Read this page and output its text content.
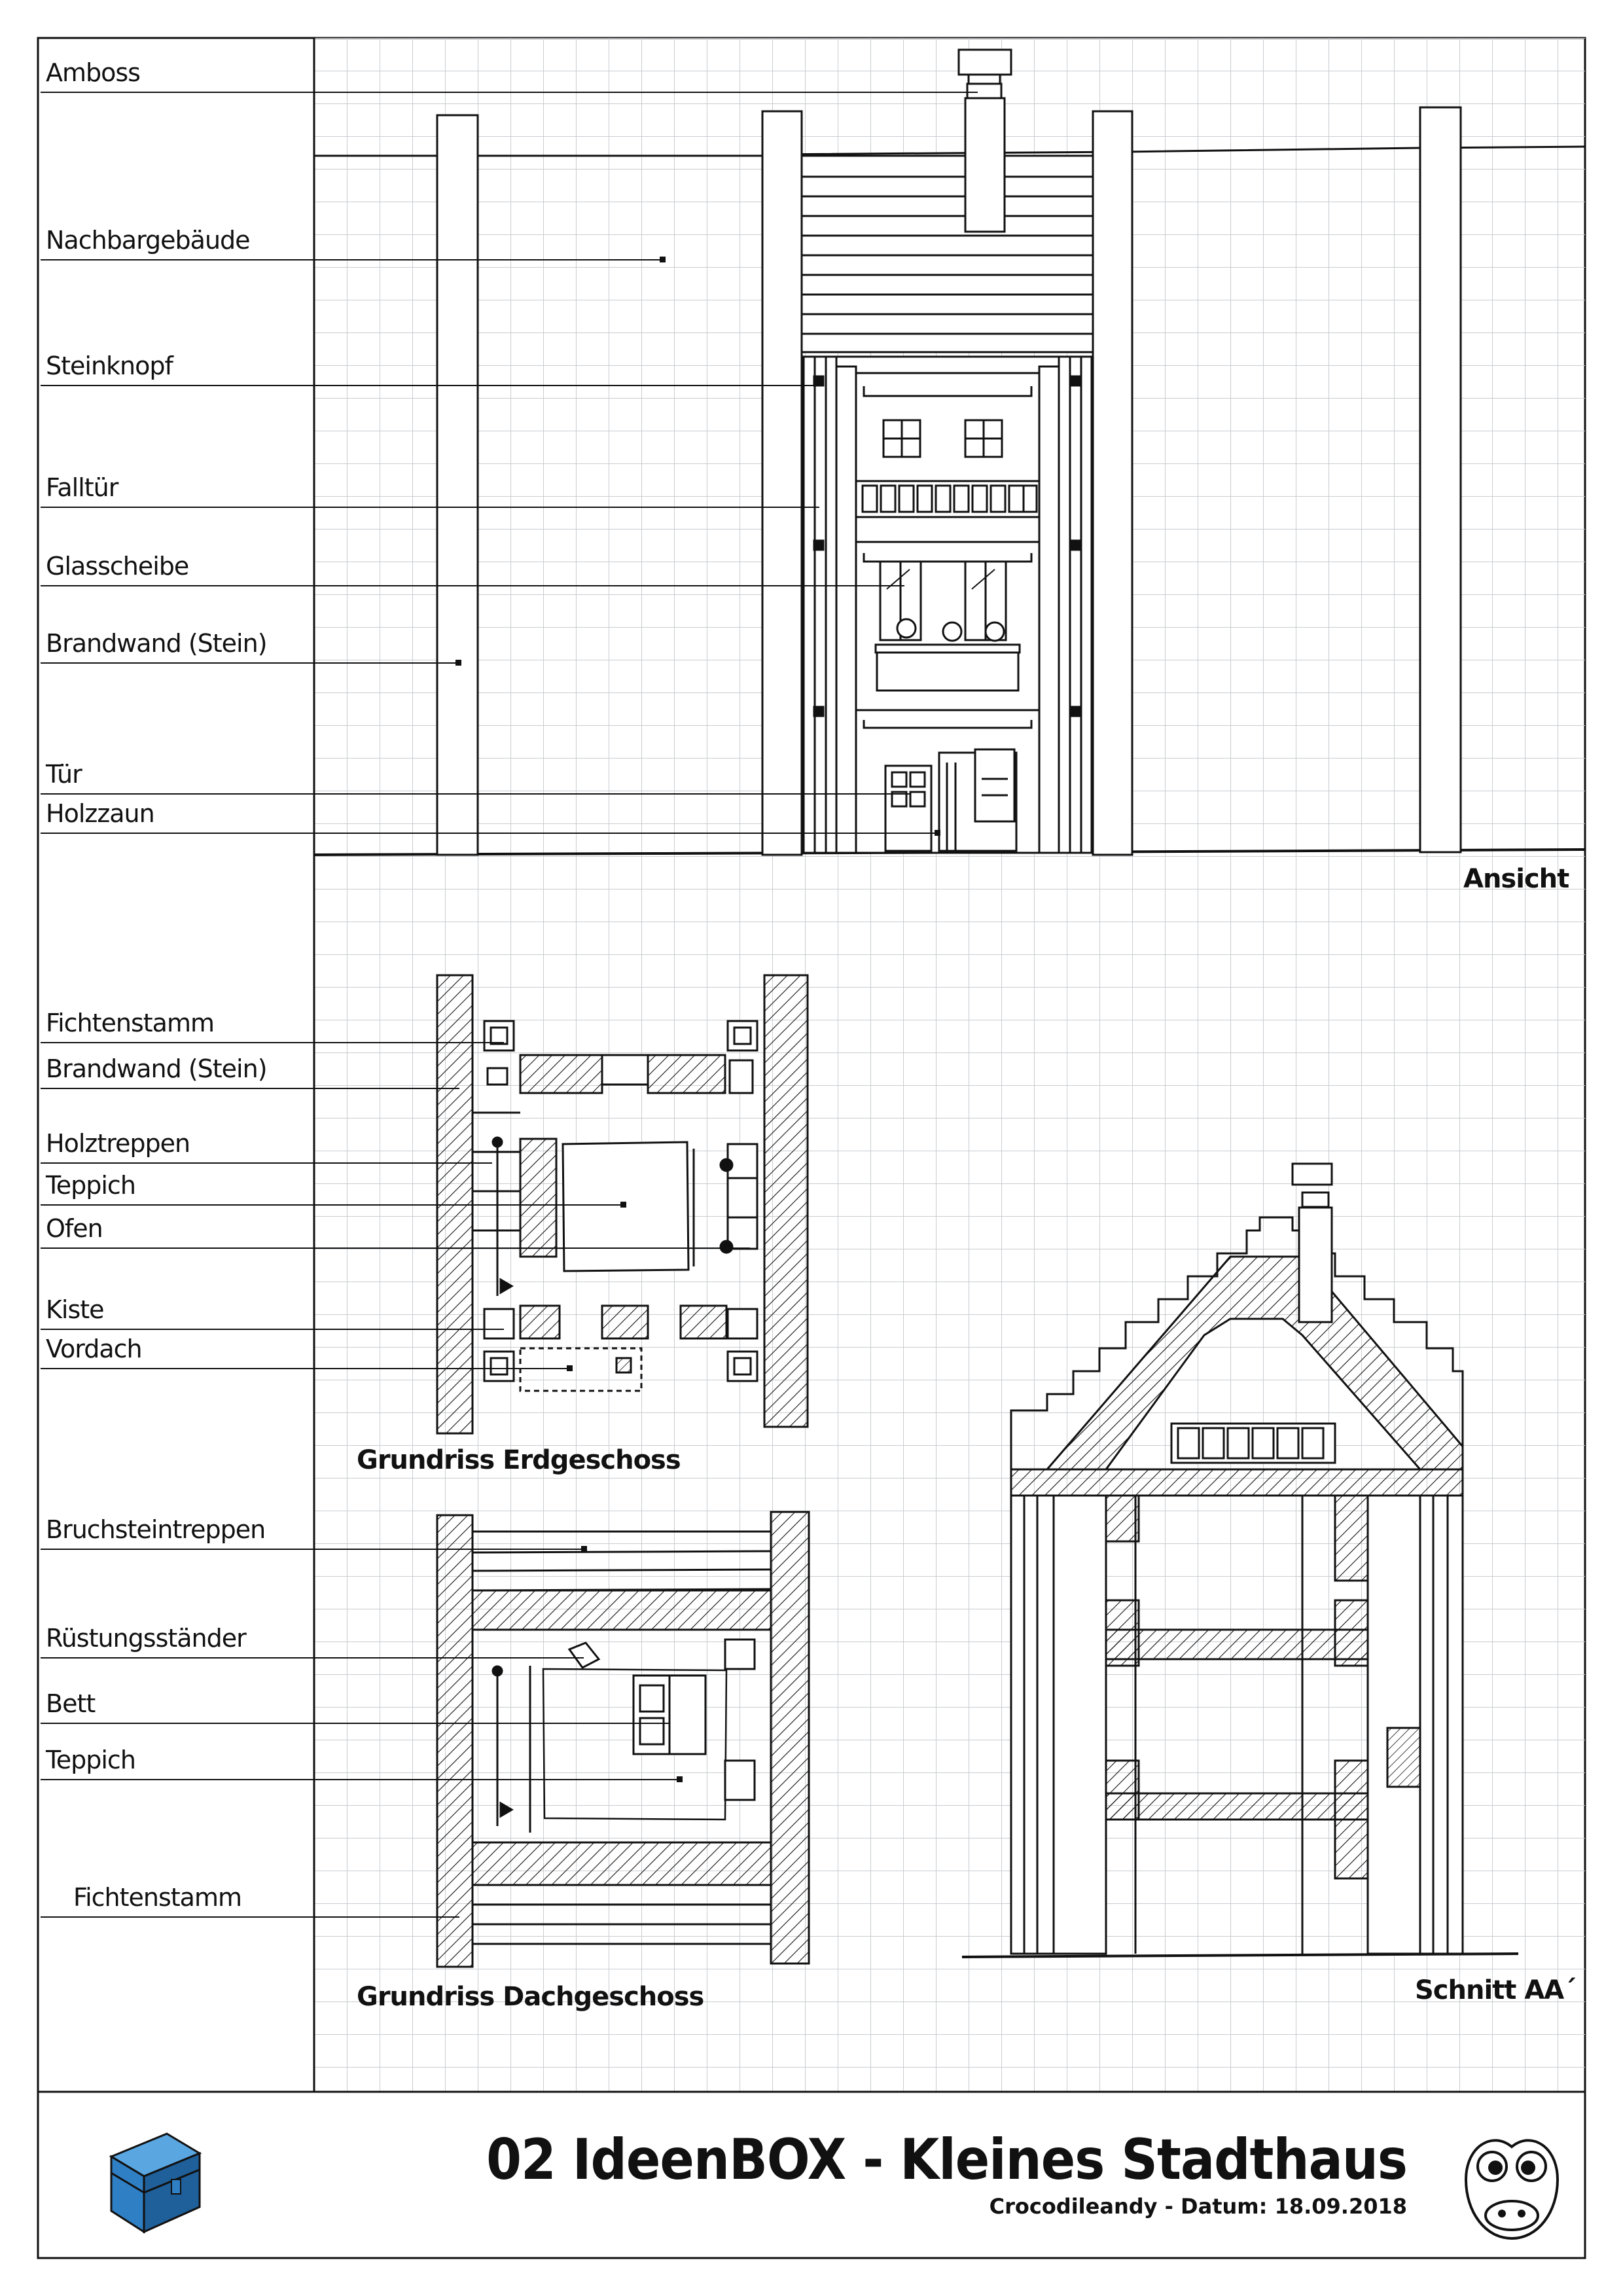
Amboss
Nachbargebäude
Steinknopf
Falltür
Glasscheibe
Brandwand (Stein)
Tür
Holzzaun
Fichtenstamm
Brandwand (Stein)
Holztreppen
Teppich
Ofen
Kiste
Vordach
Bruchsteintreppen
Rüstungsständer
Bett
Teppich
Fichtenstamm
Ansicht
Grundriss Erdgeschoss
Grundriss Dachgeschoss	Schnitt AA´
02 IdeenBOX - Kleines Stadthaus
Crocodileandy - Datum: 18.09.2018
